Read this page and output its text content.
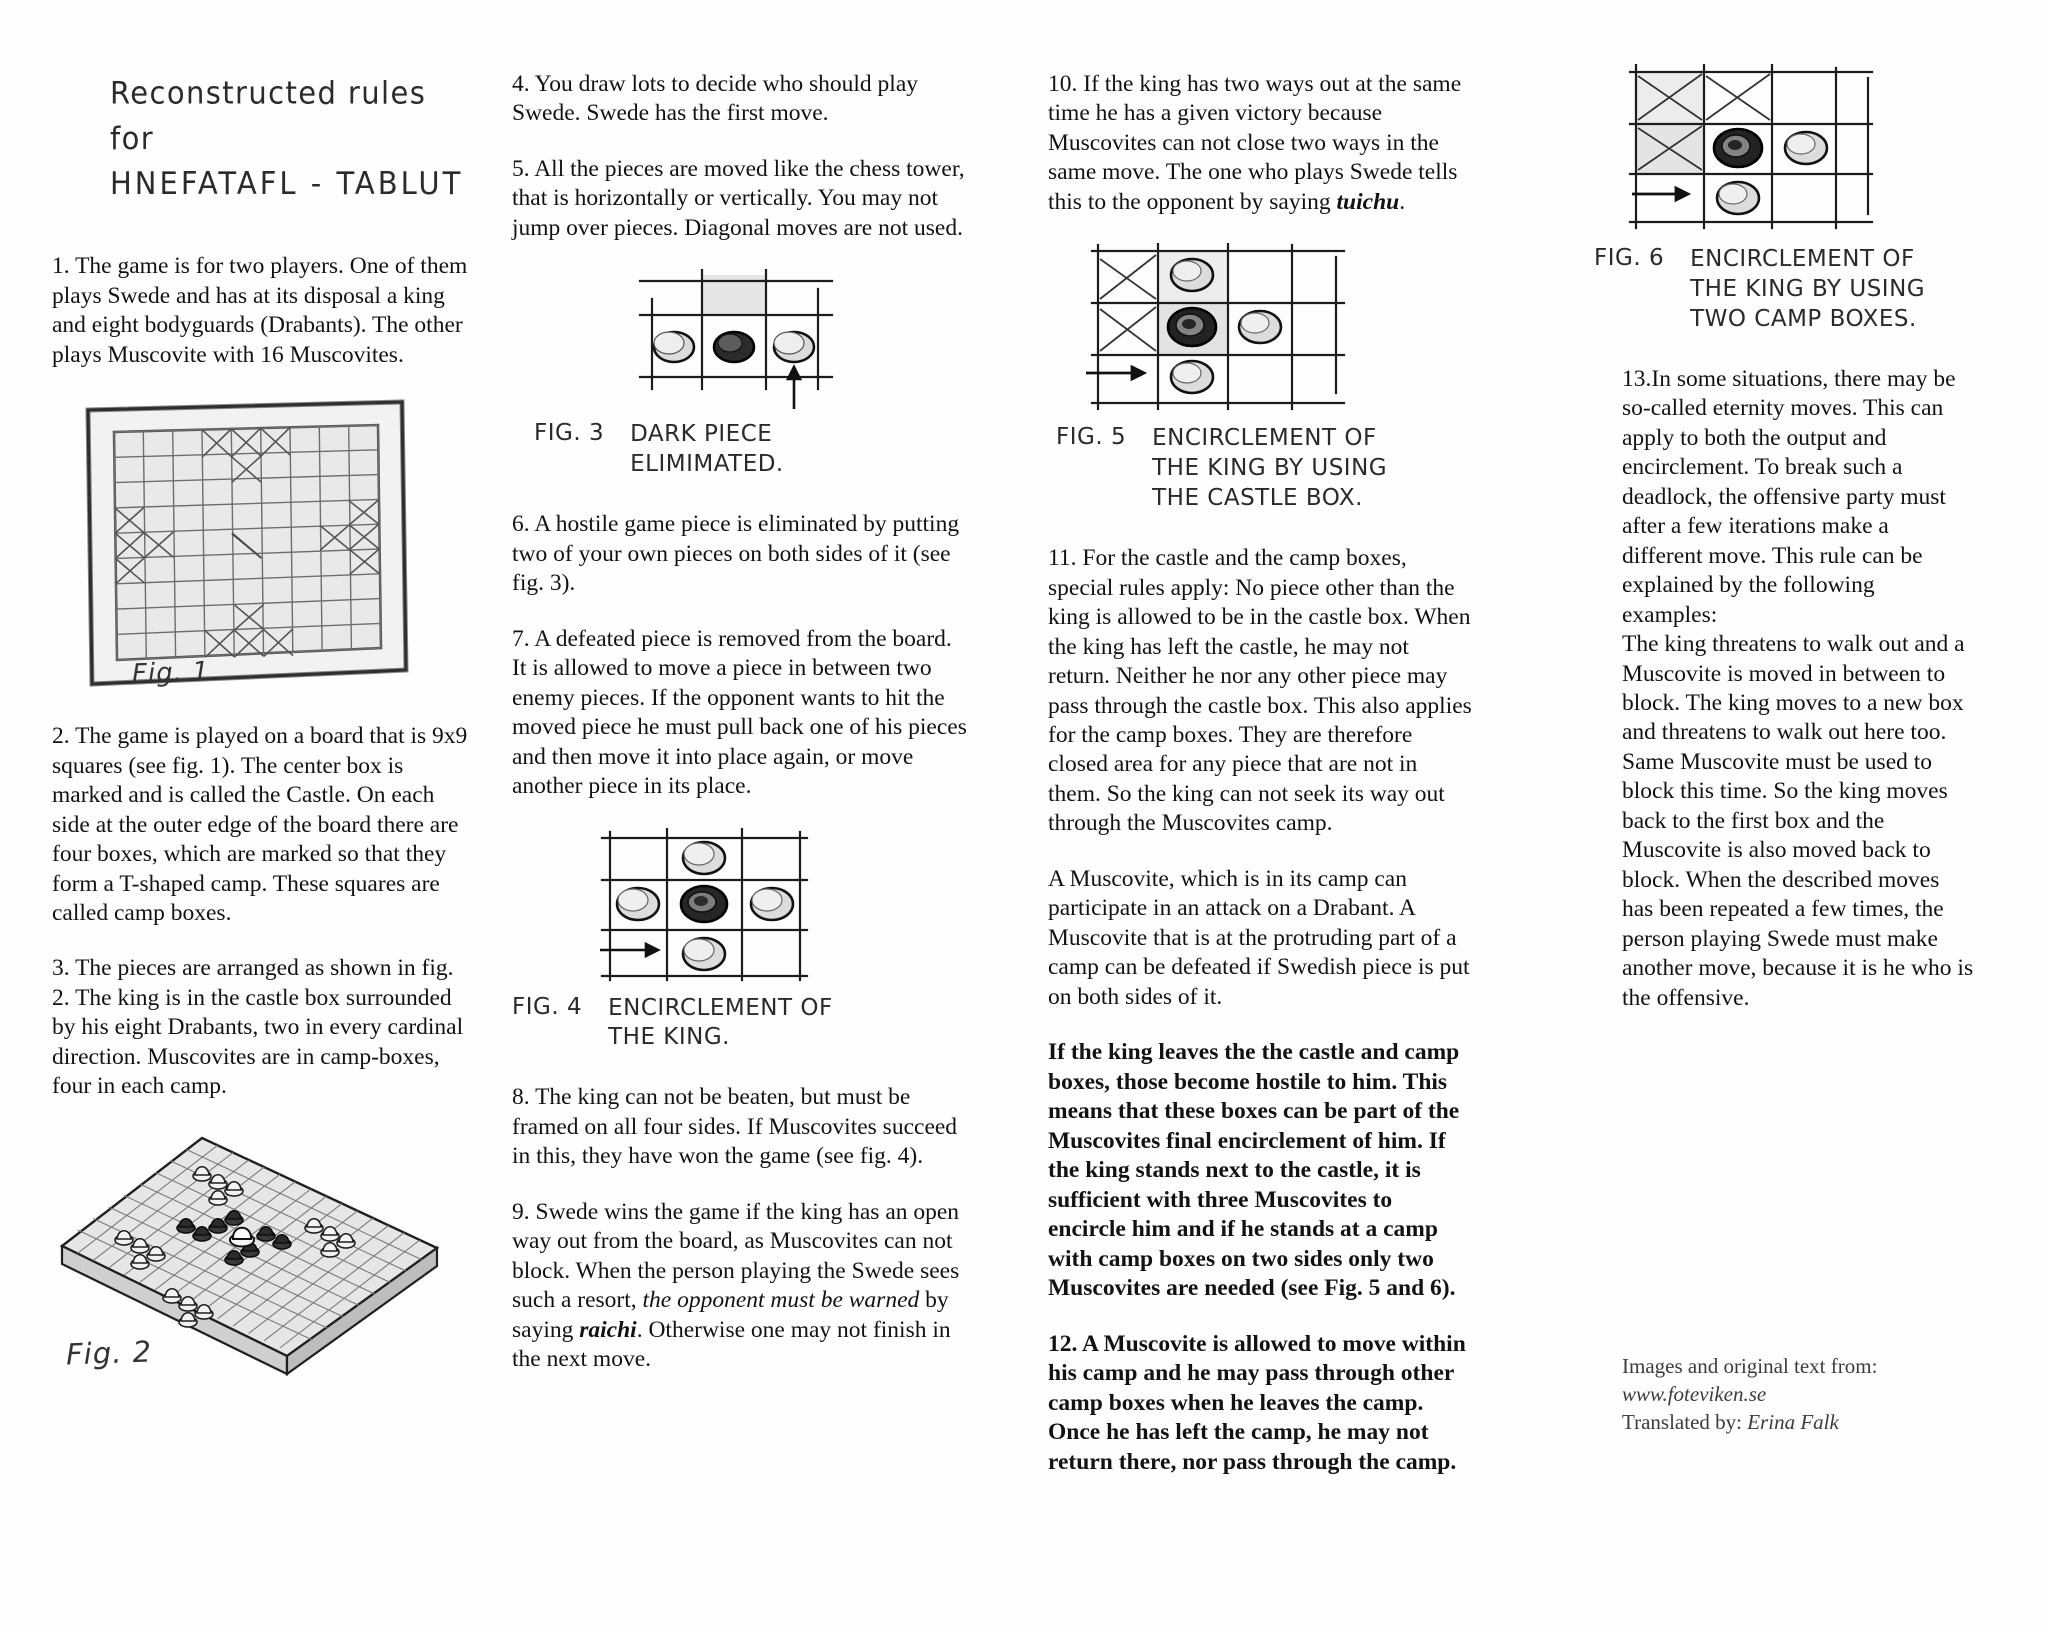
Reconstructed rules for
HNEFATAFL - TABLUT

1. The game is for two players. One of them plays Swede and has at its disposal a king and eight bodyguards (Drabants). The other plays Muscovite with 16 Muscovites.

Fig. 1

2. The game is played on a board that is 9x9 squares (see fig. 1). The center box is marked and is called the Castle. On each side at the outer edge of the board there are four boxes, which are marked so that they form a T-shaped camp. These squares are called camp boxes.

3. The pieces are arranged as shown in fig. 2. The king is in the castle box surrounded by his eight Drabants, two in every cardinal direction. Muscovites are in camp-boxes, four in each camp.

Fig. 2

4. You draw lots to decide who should play Swede. Swede has the first move.

5. All the pieces are moved like the chess tower, that is horizontally or vertically. You may not jump over pieces. Diagonal moves are not used.

FIG. 3 DARK PIECE
ELIMIMATED.

6. A hostile game piece is eliminated by putting two of your own pieces on both sides of it (see fig. 3).

7. A defeated piece is removed from the board. It is allowed to move a piece in between two enemy pieces. If the opponent wants to hit the moved piece he must pull back one of his pieces and then move it into place again, or move another piece in its place.

FIG. 4 ENCIRCLEMENT OF
THE KING.

8. The king can not be beaten, but must be framed on all four sides. If Muscovites succeed in this, they have won the game (see fig. 4).

9. Swede wins the game if the king has an open way out from the board, as Muscovites can not block. When the person playing the Swede sees such a resort, the opponent must be warned by saying raichi. Otherwise one may not finish in the next move.

10. If the king has two ways out at the same time he has a given victory because Muscovites can not close two ways in the same move. The one who plays Swede tells this to the opponent by saying tuichu.

FIG. 5 ENCIRCLEMENT OF
THE KING BY USING
THE CASTLE BOX.

11. For the castle and the camp boxes, special rules apply: No piece other than the king is allowed to be in the castle box. When the king has left the castle, he may not return. Neither he nor any other piece may pass through the castle box. This also applies for the camp boxes. They are therefore closed area for any piece that are not in them. So the king can not seek its way out through the Muscovites camp.

A Muscovite, which is in its camp can participate in an attack on a Drabant. A Muscovite that is at the protruding part of a camp can be defeated if Swedish piece is put on both sides of it.

If the king leaves the the castle and camp boxes, those become hostile to him. This means that these boxes can be part of the Muscovites final encirclement of him. If the king stands next to the castle, it is sufficient with three Muscovites to encircle him and if he stands at a camp with camp boxes on two sides only two Muscovites are needed (see Fig. 5 and 6).

12. A Muscovite is allowed to move within his camp and he may pass through other camp boxes when he leaves the camp. Once he has left the camp, he may not return there, nor pass through the camp.

FIG. 6 ENCIRCLEMENT OF
THE KING BY USING
TWO CAMP BOXES.

13.In some situations, there may be so-called eternity moves. This can apply to both the output and encirclement. To break such a deadlock, the offensive party must after a few iterations make a different move. This rule can be explained by the following examples:

The king threatens to walk out and a Muscovite is moved in between to block. The king moves to a new box and threatens to walk out here too. Same Muscovite must be used to block this time. So the king moves back to the first box and the Muscovite is also moved back to block. When the described moves has been repeated a few times, the person playing Swede must make another move, because it is he who is the offensive.

Images and original text from: www.foteviken.se
Translated by: Erina Falk
